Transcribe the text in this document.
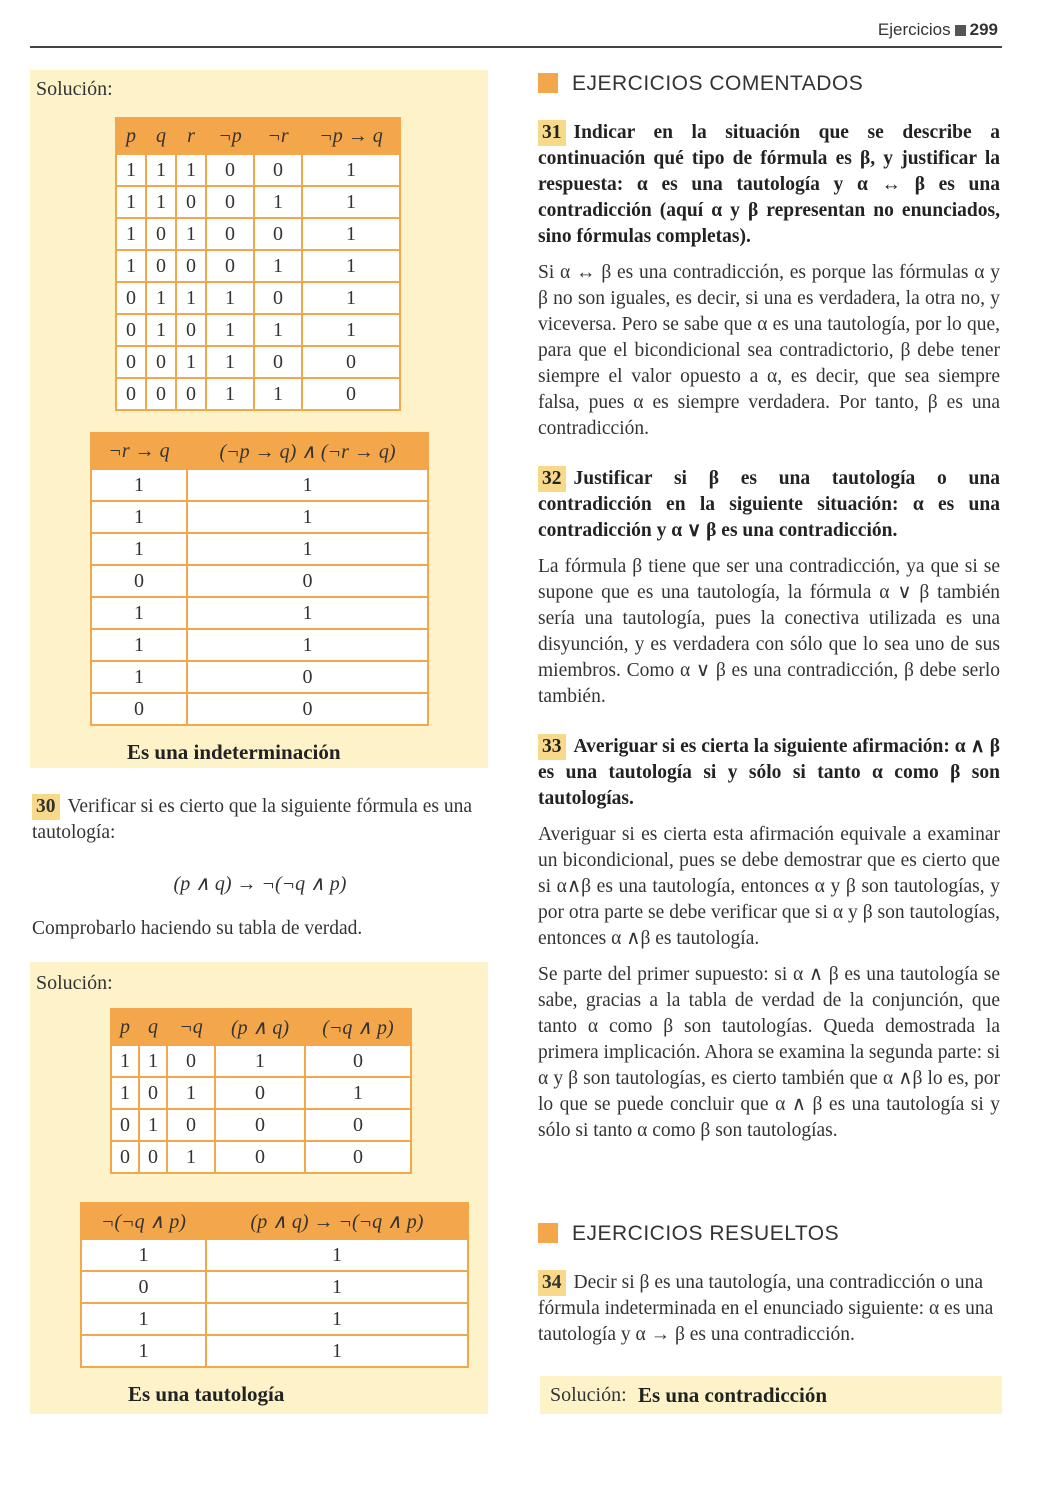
Ejercicios 299
Solución:
p	q	r	¬p	¬r	¬p → q
1	1	1	0	0	1
1	1	0	0	1	1
1	0	1	0	0	1
1	0	0	0	1	1
0	1	1	1	0	1
0	1	0	1	1	1
0	0	1	1	0	0
0	0	0	1	1	0
¬r → q	(¬p → q) ∧ (¬r → q)
1	1
1	1
1	1
0	0
1	1
1	1
1	0
0	0
Es una indeterminación
30 Verificar si es cierto que la siguiente fórmula es una tautología:
(p ∧ q) → ¬(¬q ∧ p)
Comprobarlo haciendo su tabla de verdad.
Solución:
p	q	¬q	(p ∧ q)	(¬q ∧ p)
1	1	0	1	0
1	0	1	0	1
0	1	0	0	0
0	0	1	0	0
¬(¬q ∧ p)	(p ∧ q) → ¬(¬q ∧ p)
1	1
0	1
1	1
1	1
Es una tautología
EJERCICIOS COMENTADOS
31 Indicar en la situación que se describe a continuación qué tipo de fórmula es β, y justificar la respuesta: α es una tautología y α ↔ β es una contradicción (aquí α y β representan no enunciados, sino fórmulas completas).
Si α ↔ β es una contradicción, es porque las fórmulas α y β no son iguales, es decir, si una es verdadera, la otra no, y viceversa. Pero se sabe que α es una tautología, por lo que, para que el bicondicional sea contradictorio, β debe tener siempre el valor opuesto a α, es decir, que sea siempre falsa, pues α es siempre verdadera. Por tanto, β es una contradicción.
32 Justificar si β es una tautología o una contradicción en la siguiente situación: α es una contradicción y α ∨ β es una contradicción.
La fórmula β tiene que ser una contradicción, ya que si se supone que es una tautología, la fórmula α ∨ β también sería una tautología, pues la conectiva utilizada es una disyunción, y es verdadera con sólo que lo sea uno de sus miembros. Como α ∨ β es una contradicción, β debe serlo también.
33 Averiguar si es cierta la siguiente afirmación: α ∧ β es una tautología si y sólo si tanto α como β son tautologías.
Averiguar si es cierta esta afirmación equivale a examinar un bicondicional, pues se debe demostrar que es cierto que si α∧β es una tautología, entonces α y β son tautologías, y por otra parte se debe verificar que si α y β son tautologías, entonces α ∧β es tautología.
Se parte del primer supuesto: si α ∧ β es una tautología se sabe, gracias a la tabla de verdad de la conjunción, que tanto α como β son tautologías. Queda demostrada la primera implicación. Ahora se examina la segunda parte: si α y β son tautologías, es cierto también que α ∧β lo es, por lo que se puede concluir que α ∧ β es una tautología si y sólo si tanto α como β son tautologías.
EJERCICIOS RESUELTOS
34 Decir si β es una tautología, una contradicción o una fórmula indeterminada en el enunciado siguiente: α es una tautología y α → β es una contradicción.
Solución: Es una contradicción
